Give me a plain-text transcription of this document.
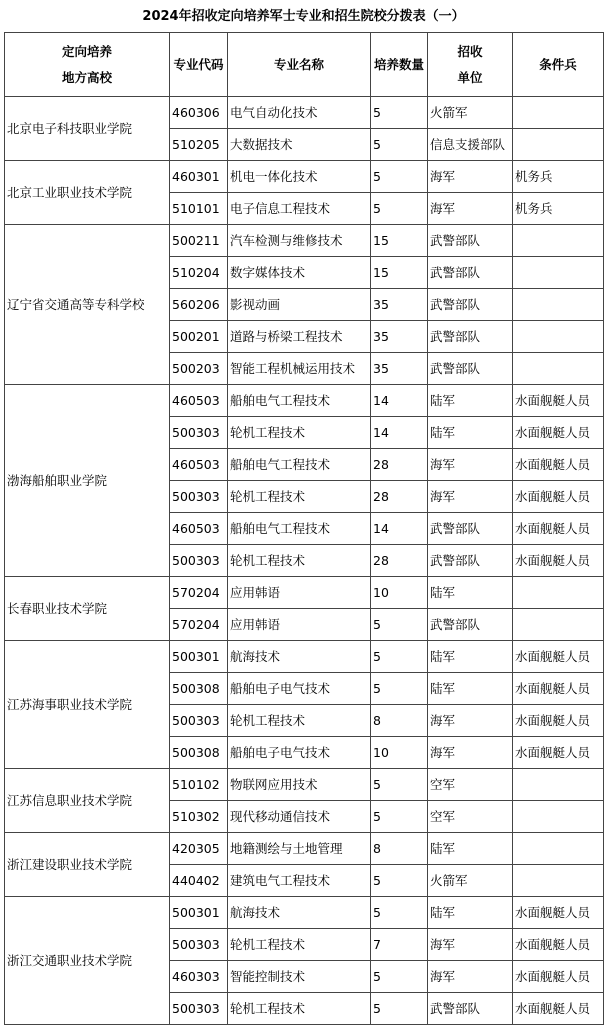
2024年招收定向培养军士专业和招生院校分拨表（一）
定向培养
地方高校	专业代码	专业名称	培养数量	招收
单位	条件兵
北京电子科技职业学院	460306	电气自动化技术	5	火箭军	
	510205	大数据技术	5	信息支援部队	
北京工业职业技术学院	460301	机电一体化技术	5	海军	机务兵
	510101	电子信息工程技术	5	海军	机务兵
辽宁省交通高等专科学校	500211	汽车检测与维修技术	15	武警部队	
	510204	数字媒体技术	15	武警部队	
	560206	影视动画	35	武警部队	
	500201	道路与桥梁工程技术	35	武警部队	
	500203	智能工程机械运用技术	35	武警部队	
渤海船舶职业学院	460503	船舶电气工程技术	14	陆军	水面舰艇人员
	500303	轮机工程技术	14	陆军	水面舰艇人员
	460503	船舶电气工程技术	28	海军	水面舰艇人员
	500303	轮机工程技术	28	海军	水面舰艇人员
	460503	船舶电气工程技术	14	武警部队	水面舰艇人员
	500303	轮机工程技术	28	武警部队	水面舰艇人员
长春职业技术学院	570204	应用韩语	10	陆军	
	570204	应用韩语	5	武警部队	
江苏海事职业技术学院	500301	航海技术	5	陆军	水面舰艇人员
	500308	船舶电子电气技术	5	陆军	水面舰艇人员
	500303	轮机工程技术	8	海军	水面舰艇人员
	500308	船舶电子电气技术	10	海军	水面舰艇人员
江苏信息职业技术学院	510102	物联网应用技术	5	空军	
	510302	现代移动通信技术	5	空军	
浙江建设职业技术学院	420305	地籍测绘与土地管理	8	陆军	
	440402	建筑电气工程技术	5	火箭军	
浙江交通职业技术学院	500301	航海技术	5	陆军	水面舰艇人员
	500303	轮机工程技术	7	海军	水面舰艇人员
	460303	智能控制技术	5	海军	水面舰艇人员
	500303	轮机工程技术	5	武警部队	水面舰艇人员
